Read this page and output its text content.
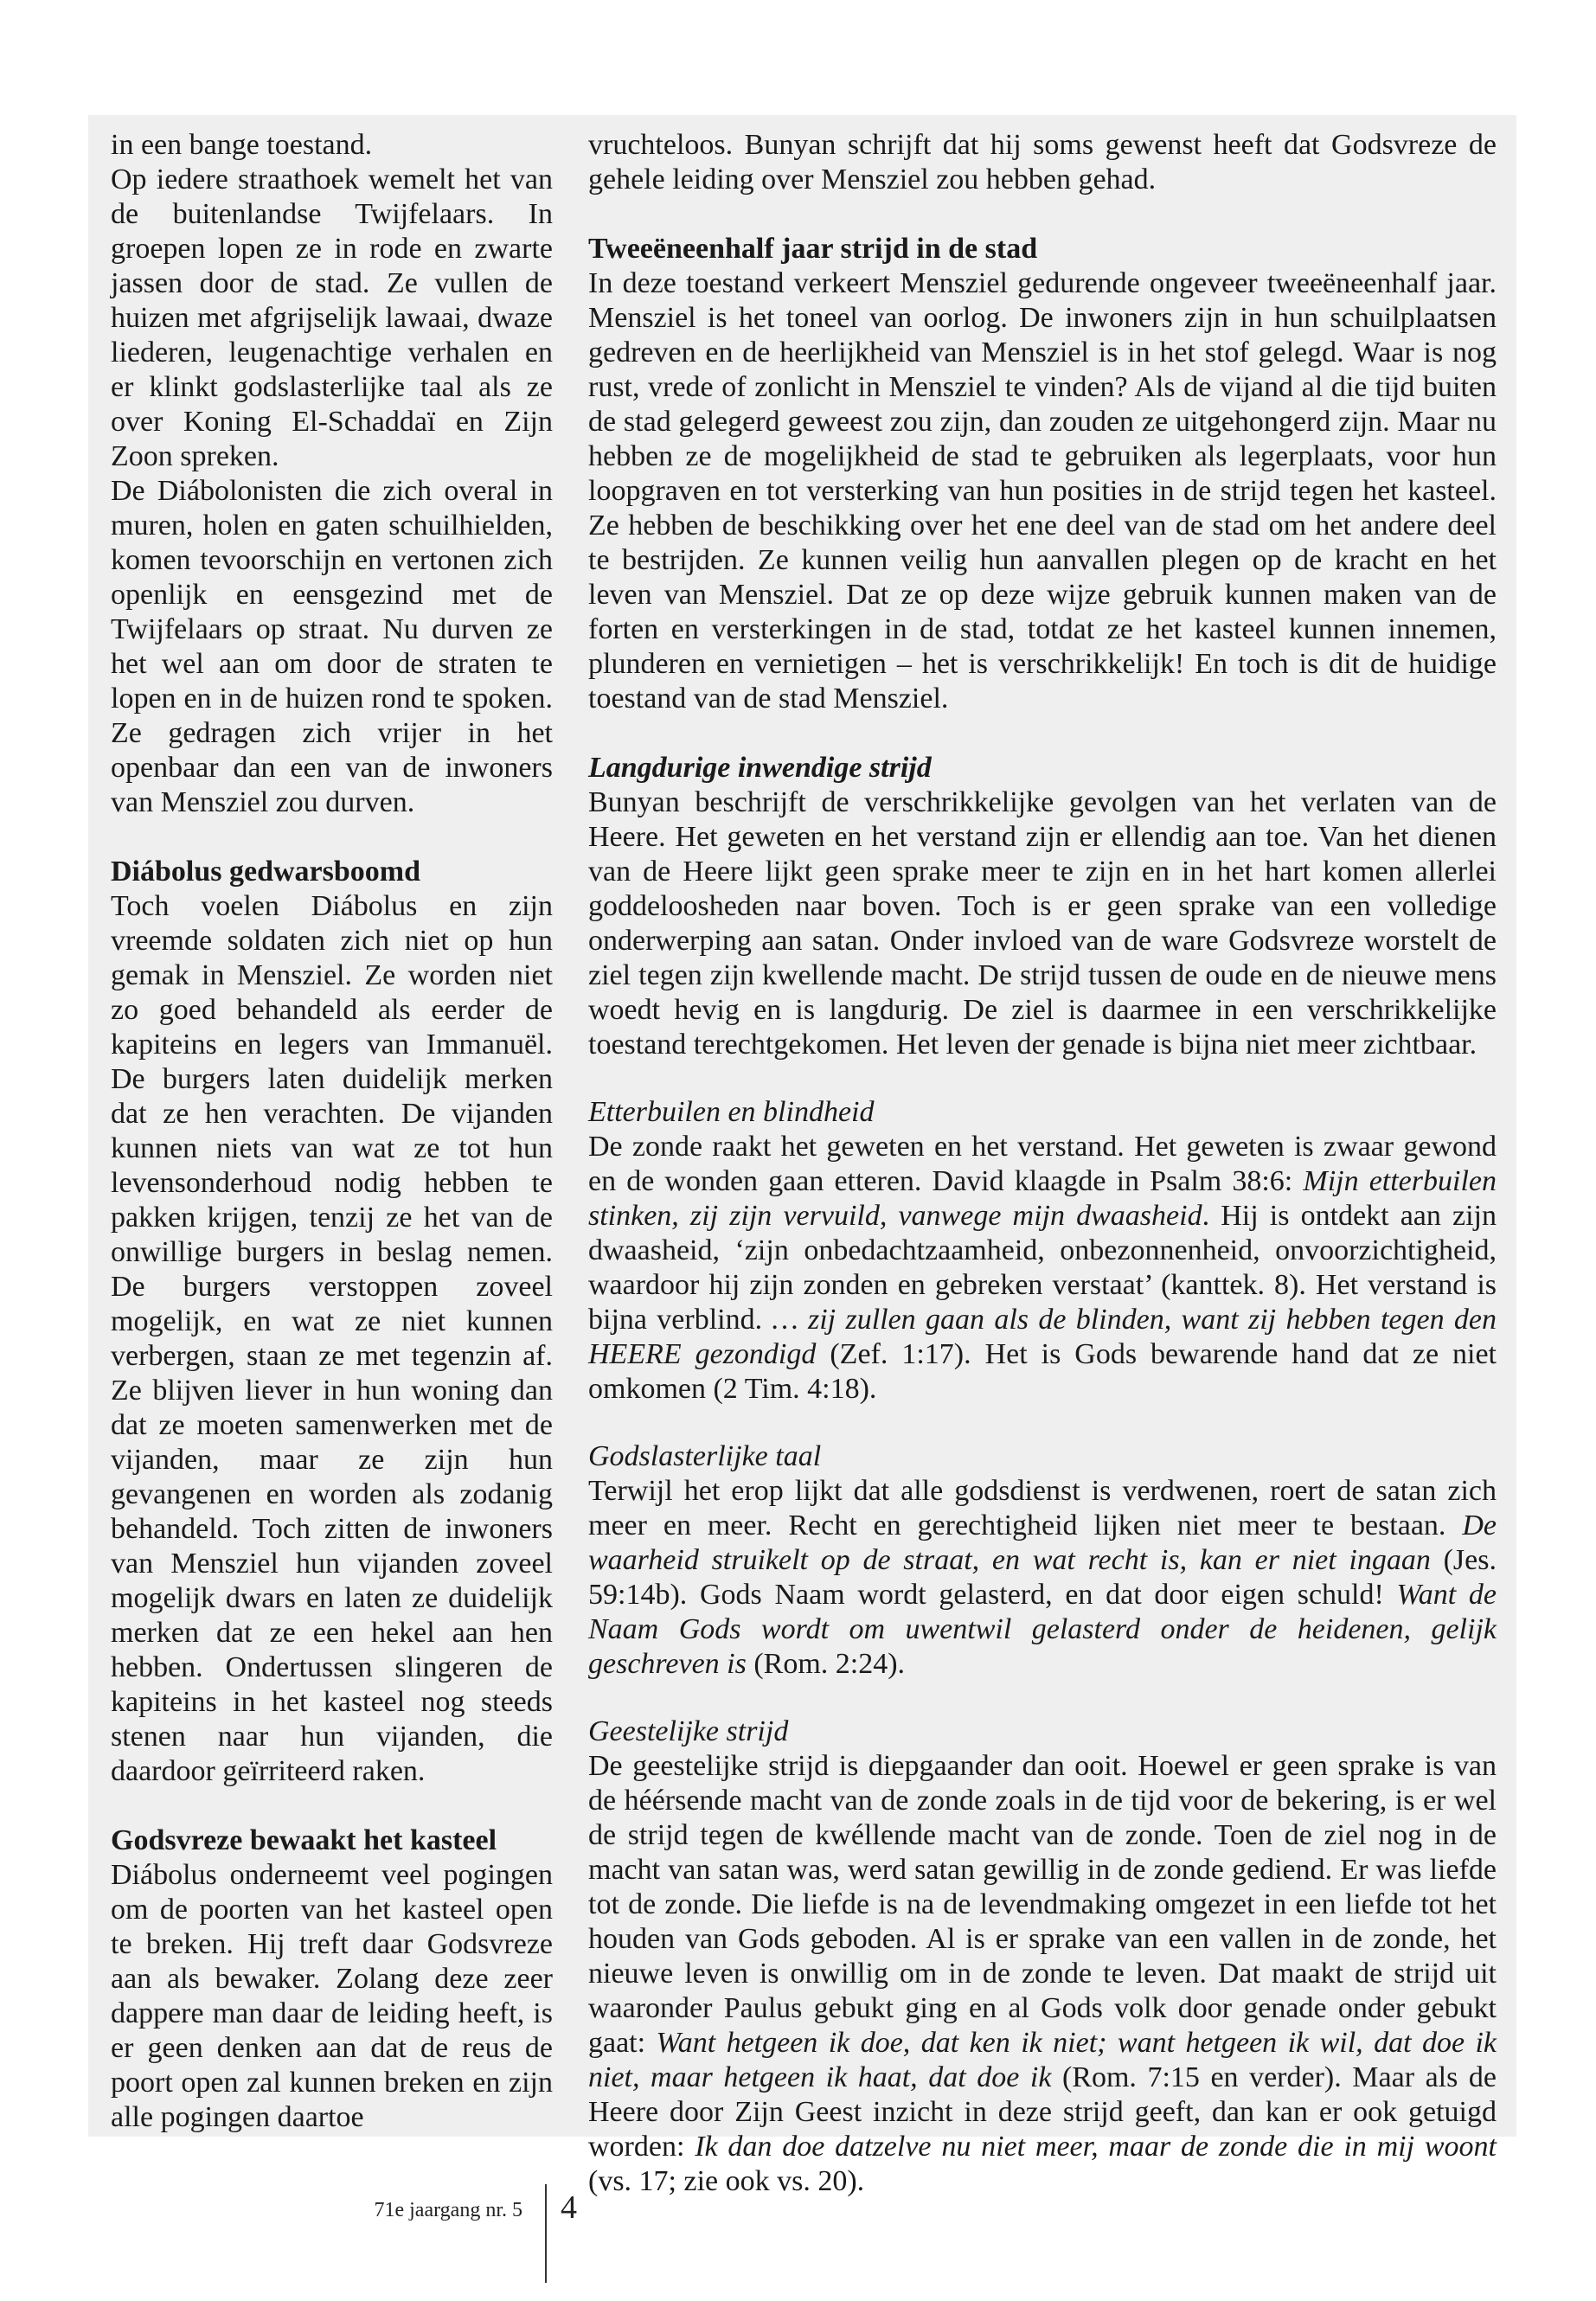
in een bange toestand.

Op iedere straathoek wemelt het van de buitenlandse Twijfelaars. In groepen lopen ze in rode en zwarte jassen door de stad. Ze vullen de huizen met afgrijselijk lawaai, dwaze liederen, leugenachtige verhalen en er klinkt godslasterlijke taal als ze over Koning El-Schaddaï en Zijn Zoon spreken.

De Diábolonisten die zich overal in muren, holen en gaten schuilhielden, komen tevoorschijn en vertonen zich openlijk en eensgezind met de Twijfelaars op straat. Nu durven ze het wel aan om door de straten te lopen en in de huizen rond te spoken. Ze gedragen zich vrijer in het openbaar dan een van de inwoners van Mensziel zou durven.

Diábolus gedwarsboomd

Toch voelen Diábolus en zijn vreemde soldaten zich niet op hun gemak in Mensziel. Ze worden niet zo goed behandeld als eerder de kapiteins en legers van Immanuël. De burgers laten duidelijk merken dat ze hen verachten. De vijanden kunnen niets van wat ze tot hun levensonderhoud nodig hebben te pakken krijgen, tenzij ze het van de onwillige burgers in beslag nemen. De burgers verstoppen zoveel mogelijk, en wat ze niet kunnen verbergen, staan ze met tegenzin af. Ze blijven liever in hun woning dan dat ze moeten samenwerken met de vijanden, maar ze zijn hun gevangenen en worden als zodanig behandeld. Toch zitten de inwoners van Mensziel hun vijanden zoveel mogelijk dwars en laten ze duidelijk merken dat ze een hekel aan hen hebben. Ondertussen slingeren de kapiteins in het kasteel nog steeds stenen naar hun vijanden, die daardoor geïrriteerd raken.

Godsvreze bewaakt het kasteel

Diábolus onderneemt veel pogingen om de poorten van het kasteel open te breken. Hij treft daar Godsvreze aan als bewaker. Zolang deze zeer dappere man daar de leiding heeft, is er geen denken aan dat de reus de poort open zal kunnen breken en zijn alle pogingen daartoe

vruchteloos. Bunyan schrijft dat hij soms gewenst heeft dat Godsvreze de gehele leiding over Mensziel zou hebben gehad.

Tweeëneenhalf jaar strijd in de stad

In deze toestand verkeert Mensziel gedurende ongeveer tweeëneenhalf jaar. Mensziel is het toneel van oorlog. De inwoners zijn in hun schuilplaatsen gedreven en de heerlijkheid van Mensziel is in het stof gelegd. Waar is nog rust, vrede of zonlicht in Mensziel te vinden? Als de vijand al die tijd buiten de stad gelegerd geweest zou zijn, dan zouden ze uitgehongerd zijn. Maar nu hebben ze de mogelijkheid de stad te gebruiken als legerplaats, voor hun loopgraven en tot versterking van hun posities in de strijd tegen het kasteel. Ze hebben de beschikking over het ene deel van de stad om het andere deel te bestrijden. Ze kunnen veilig hun aanvallen plegen op de kracht en het leven van Mensziel. Dat ze op deze wijze gebruik kunnen maken van de forten en versterkingen in de stad, totdat ze het kasteel kunnen innemen, plunderen en vernietigen – het is verschrikkelijk! En toch is dit de huidige toestand van de stad Mensziel.

Langdurige inwendige strijd

Bunyan beschrijft de verschrikkelijke gevolgen van het verlaten van de Heere. Het geweten en het verstand zijn er ellendig aan toe. Van het dienen van de Heere lijkt geen sprake meer te zijn en in het hart komen allerlei goddeloosheden naar boven. Toch is er geen sprake van een volledige onderwerping aan satan. Onder invloed van de ware Godsvreze worstelt de ziel tegen zijn kwellende macht. De strijd tussen de oude en de nieuwe mens woedt hevig en is langdurig. De ziel is daarmee in een verschrikkelijke toestand terechtgekomen. Het leven der genade is bijna niet meer zichtbaar.

Etterbuilen en blindheid

De zonde raakt het geweten en het verstand. Het geweten is zwaar gewond en de wonden gaan etteren. David klaagde in Psalm 38:6: Mijn etterbuilen stinken, zij zijn vervuild, vanwege mijn dwaasheid. Hij is ontdekt aan zijn dwaasheid, ‘zijn onbedachtzaamheid, onbezonnenheid, onvoorzichtigheid, waardoor hij zijn zonden en gebreken verstaat’ (kanttek. 8). Het verstand is bijna verblind. … zij zullen gaan als de blinden, want zij hebben tegen den HEERE gezondigd (Zef. 1:17). Het is Gods bewarende hand dat ze niet omkomen (2 Tim. 4:18).

Godslasterlijke taal

Terwijl het erop lijkt dat alle godsdienst is verdwenen, roert de satan zich meer en meer. Recht en gerechtigheid lijken niet meer te bestaan. De waarheid struikelt op de straat, en wat recht is, kan er niet ingaan (Jes. 59:14b). Gods Naam wordt gelasterd, en dat door eigen schuld! Want de Naam Gods wordt om uwentwil gelasterd onder de heidenen, gelijk geschreven is (Rom. 2:24).

Geestelijke strijd

De geestelijke strijd is diepgaander dan ooit. Hoewel er geen sprake is van de héérsende macht van de zonde zoals in de tijd voor de bekering, is er wel de strijd tegen de kwéllende macht van de zonde. Toen de ziel nog in de macht van satan was, werd satan gewillig in de zonde gediend. Er was liefde tot de zonde. Die liefde is na de levendmaking omgezet in een liefde tot het houden van Gods geboden. Al is er sprake van een vallen in de zonde, het nieuwe leven is onwillig om in de zonde te leven. Dat maakt de strijd uit waaronder Paulus gebukt ging en al Gods volk door genade onder gebukt gaat: Want hetgeen ik doe, dat ken ik niet; want hetgeen ik wil, dat doe ik niet, maar hetgeen ik haat, dat doe ik (Rom. 7:15 en verder). Maar als de Heere door Zijn Geest inzicht in deze strijd geeft, dan kan er ook getuigd worden: Ik dan doe datzelve nu niet meer, maar de zonde die in mij woont (vs. 17; zie ook vs. 20).

71e jaargang nr. 5 4
